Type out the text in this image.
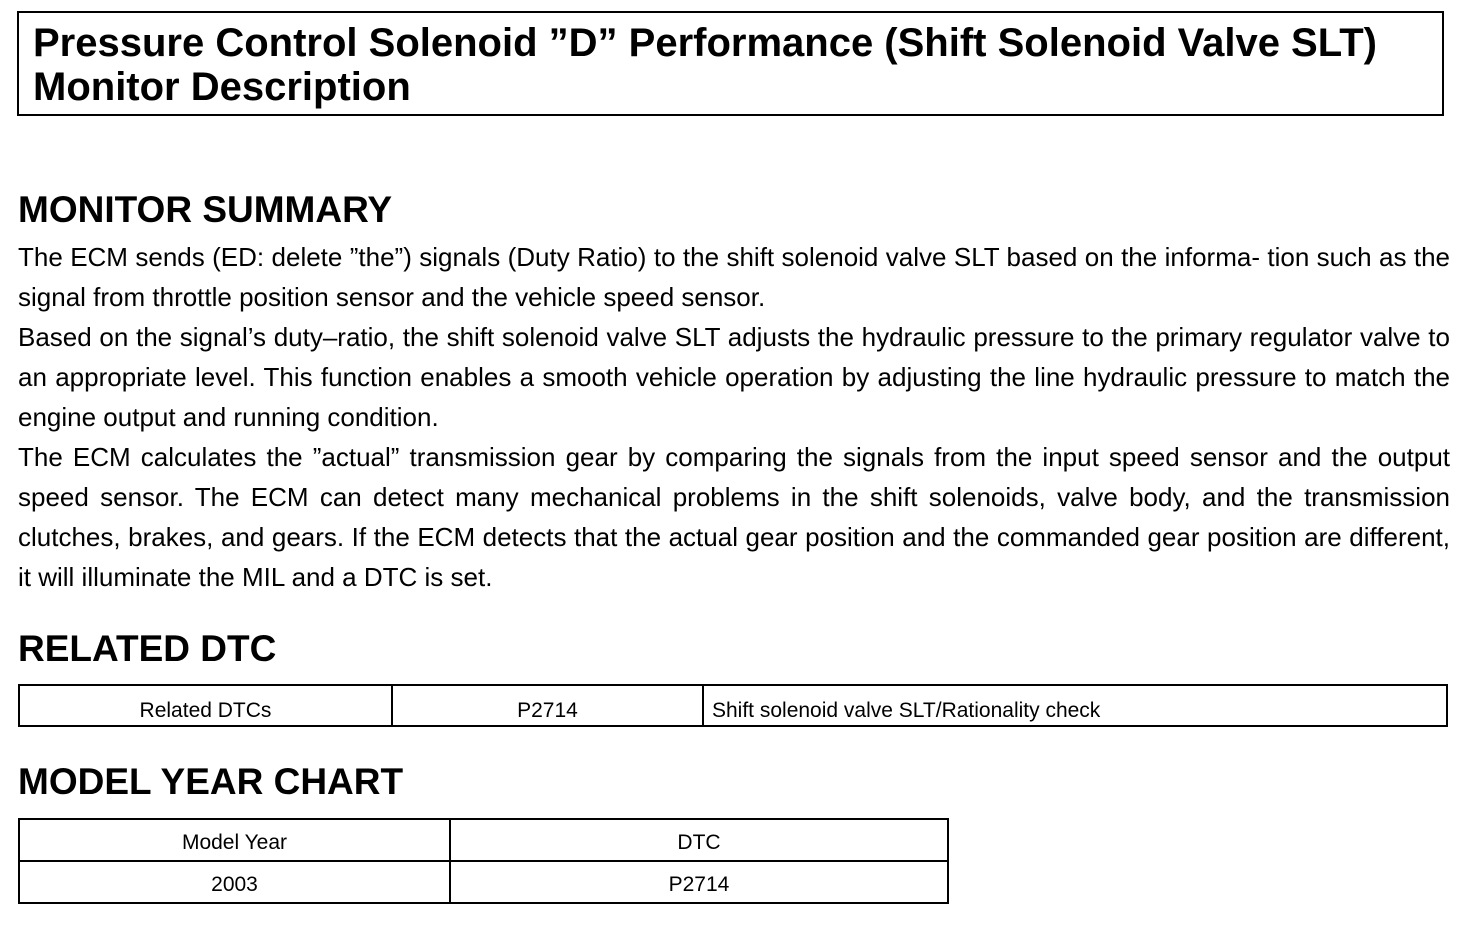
Pressure Control Solenoid ”D” Performance (Shift Solenoid Valve SLT) Monitor Description
MONITOR SUMMARY

The ECM sends (ED: delete ”the”) signals (Duty Ratio) to the shift solenoid valve SLT based on the informa- tion such as the signal from throttle position sensor and the vehicle speed sensor.

Based on the signal’s duty–ratio, the shift solenoid valve SLT adjusts the hydraulic pressure to the primary regulator valve to an appropriate level. This function enables a smooth vehicle operation by adjusting the line hydraulic pressure to match the engine output and running condition.

The ECM calculates the ”actual” transmission gear by comparing the signals from the input speed sensor and the output speed sensor. The ECM can detect many mechanical problems in the shift solenoids, valve body, and the transmission clutches, brakes, and gears. If the ECM detects that the actual gear position and the commanded gear position are different, it will illuminate the MIL and a DTC is set.

RELATED DTC
Related DTCs	P2714	Shift solenoid valve SLT/Rationality check
MODEL YEAR CHART
Model Year	DTC
2003	P2714
